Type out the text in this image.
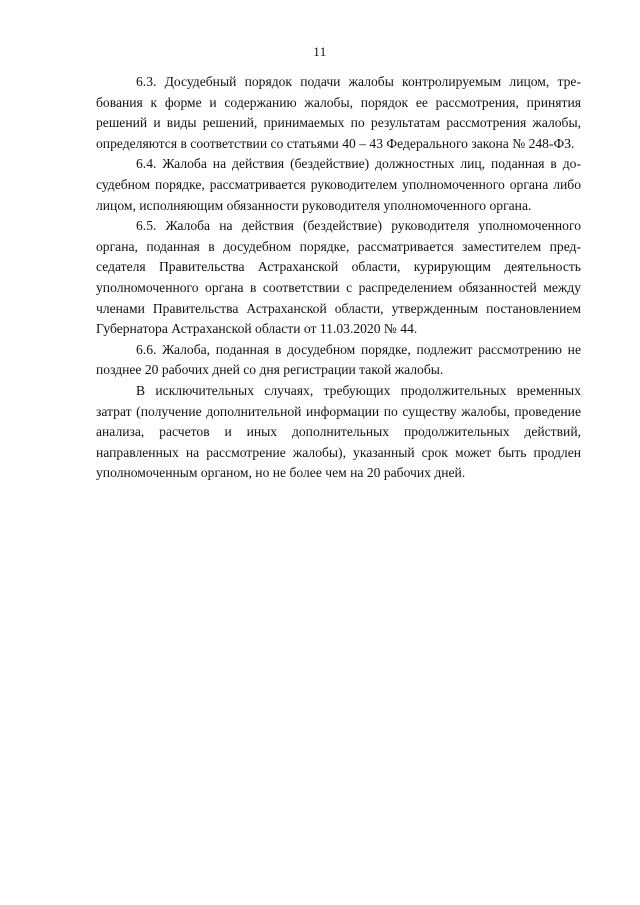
11

6.3. Досудебный порядок подачи жалобы контролируемым лицом, требования к форме и содержанию жалобы, порядок ее рассмотрения, принятия решений и виды решений, принимаемых по результатам рассмотрения жалобы, определяются в соответствии со статьями 40 – 43 Федерального закона № 248-ФЗ.

6.4. Жалоба на действия (бездействие) должностных лиц, поданная в досудебном порядке, рассматривается руководителем уполномоченного органа либо лицом, исполняющим обязанности руководителя уполномоченного органа.

6.5. Жалоба на действия (бездействие) руководителя уполномоченного органа, поданная в досудебном порядке, рассматривается заместителем председателя Правительства Астраханской области, курирующим деятельность уполномоченного органа в соответствии с распределением обязанностей между членами Правительства Астраханской области, утвержденным постановлением Губернатора Астраханской области от 11.03.2020 № 44.

6.6. Жалоба, поданная в досудебном порядке, подлежит рассмотрению не позднее 20 рабочих дней со дня регистрации такой жалобы.

В исключительных случаях, требующих продолжительных временных затрат (получение дополнительной информации по существу жалобы, проведение анализа, расчетов и иных дополнительных продолжительных действий, направленных на рассмотрение жалобы), указанный срок может быть продлен уполномоченным органом, но не более чем на 20 рабочих дней.
